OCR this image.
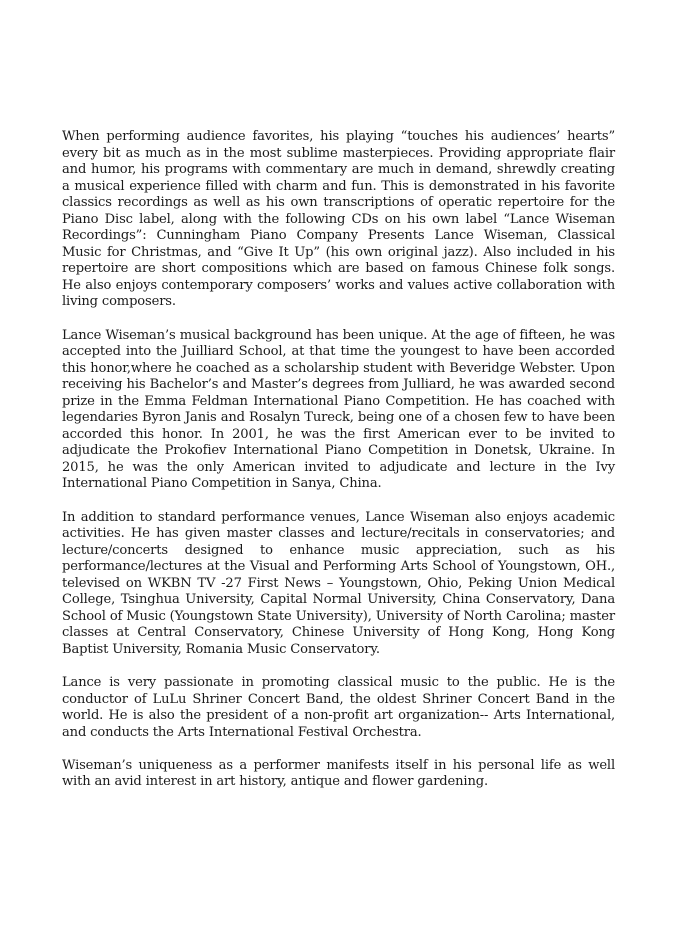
When performing audience favorites, his playing “touches his audiences’ hearts” every bit as much as in the most sublime masterpieces. Providing appropriate flair and humor, his programs with commentary are much in demand, shrewdly creating a musical experience filled with charm and fun. This is demonstrated in his favorite classics recordings as well as his own transcriptions of operatic repertoire for the Piano Disc label, along with the following CDs on his own label “Lance Wiseman Recordings”: Cunningham Piano Company Presents Lance Wiseman, Classical Music for Christmas, and “Give It Up” (his own original jazz). Also included in his repertoire are short compositions which are based on famous Chinese folk songs. He also enjoys contemporary composers’ works and values active collaboration with living composers.

Lance Wiseman’s musical background has been unique. At the age of fifteen, he was accepted into the Juilliard School, at that time the youngest to have been accorded this honor,where he coached as a scholarship student with Beveridge Webster. Upon receiving his Bachelor’s and Master’s degrees from Julliard, he was awarded second prize in the Emma Feldman International Piano Competition. He has coached with legendaries Byron Janis and Rosalyn Tureck, being one of a chosen few to have been accorded this honor. In 2001, he was the first American ever to be invited to adjudicate the Prokofiev International Piano Competition in Donetsk, Ukraine. In 2015, he was the only American invited to adjudicate and lecture in the Ivy International Piano Competition in Sanya, China.

In addition to standard performance venues, Lance Wiseman also enjoys academic activities. He has given master classes and lecture/recitals in conservatories; and lecture/concerts designed to enhance music appreciation, such as his performance/lectures at the Visual and Performing Arts School of Youngstown, OH., televised on WKBN TV -27 First News – Youngstown, Ohio, Peking Union Medical College, Tsinghua University, Capital Normal University, China Conservatory, Dana School of Music (Youngstown State University), University of North Carolina; master classes at Central Conservatory, Chinese University of Hong Kong, Hong Kong Baptist University, Romania Music Conservatory.

Lance is very passionate in promoting classical music to the public. He is the conductor of LuLu Shriner Concert Band, the oldest Shriner Concert Band in the world. He is also the president of a non-profit art organization-- Arts International, and conducts the Arts International Festival Orchestra.

Wiseman’s uniqueness as a performer manifests itself in his personal life as well with an avid interest in art history, antique and flower gardening.
